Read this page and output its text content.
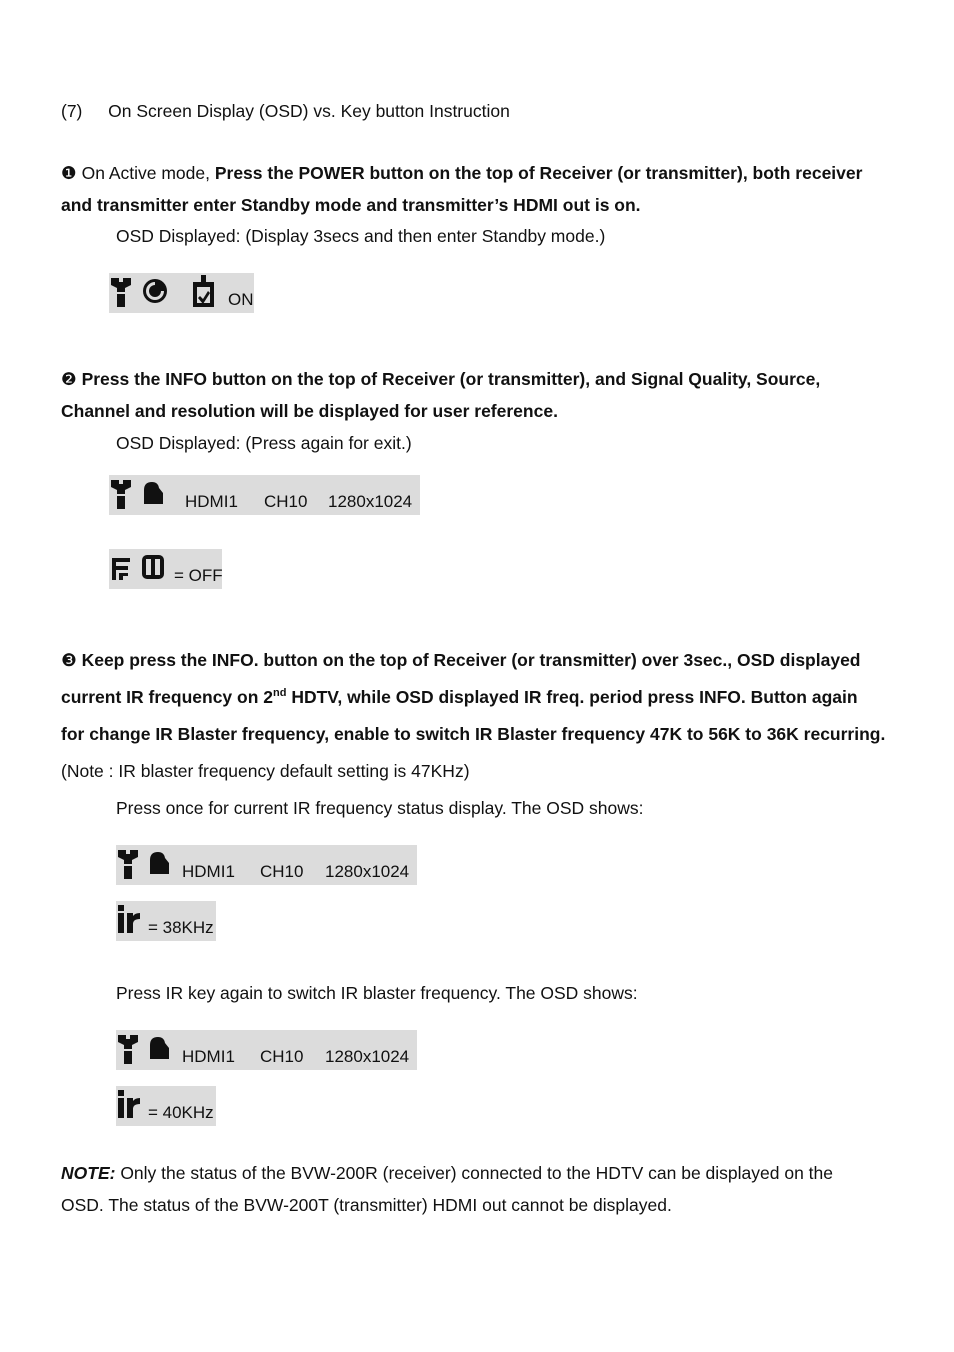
(7) On Screen Display (OSD) vs. Key button Instruction
❶ On Active mode, Press the POWER button on the top of Receiver (or transmitter), both receiver
and transmitter enter Standby mode and transmitter’s HDMI out is on.
OSD Displayed: (Display 3secs and then enter Standby mode.)
ON
❷ Press the INFO button on the top of Receiver (or transmitter), and Signal Quality, Source,
Channel and resolution will be displayed for user reference.
OSD Displayed: (Press again for exit.)
HDMI1 CH10 1280x1024
= OFF
❸ Keep press the INFO. button on the top of Receiver (or transmitter) over 3sec., OSD displayed
current IR frequency on 2nd HDTV, while OSD displayed IR freq. period press INFO. Button again
for change IR Blaster frequency, enable to switch IR Blaster frequency 47K to 56K to 36K recurring.
(Note : IR blaster frequency default setting is 47KHz)
Press once for current IR frequency status display. The OSD shows:
HDMI1 CH10 1280x1024
= 38KHz
Press IR key again to switch IR blaster frequency. The OSD shows:
HDMI1 CH10 1280x1024
= 40KHz
NOTE: Only the status of the BVW-200R (receiver) connected to the HDTV can be displayed on the
OSD. The status of the BVW-200T (transmitter) HDMI out cannot be displayed.
